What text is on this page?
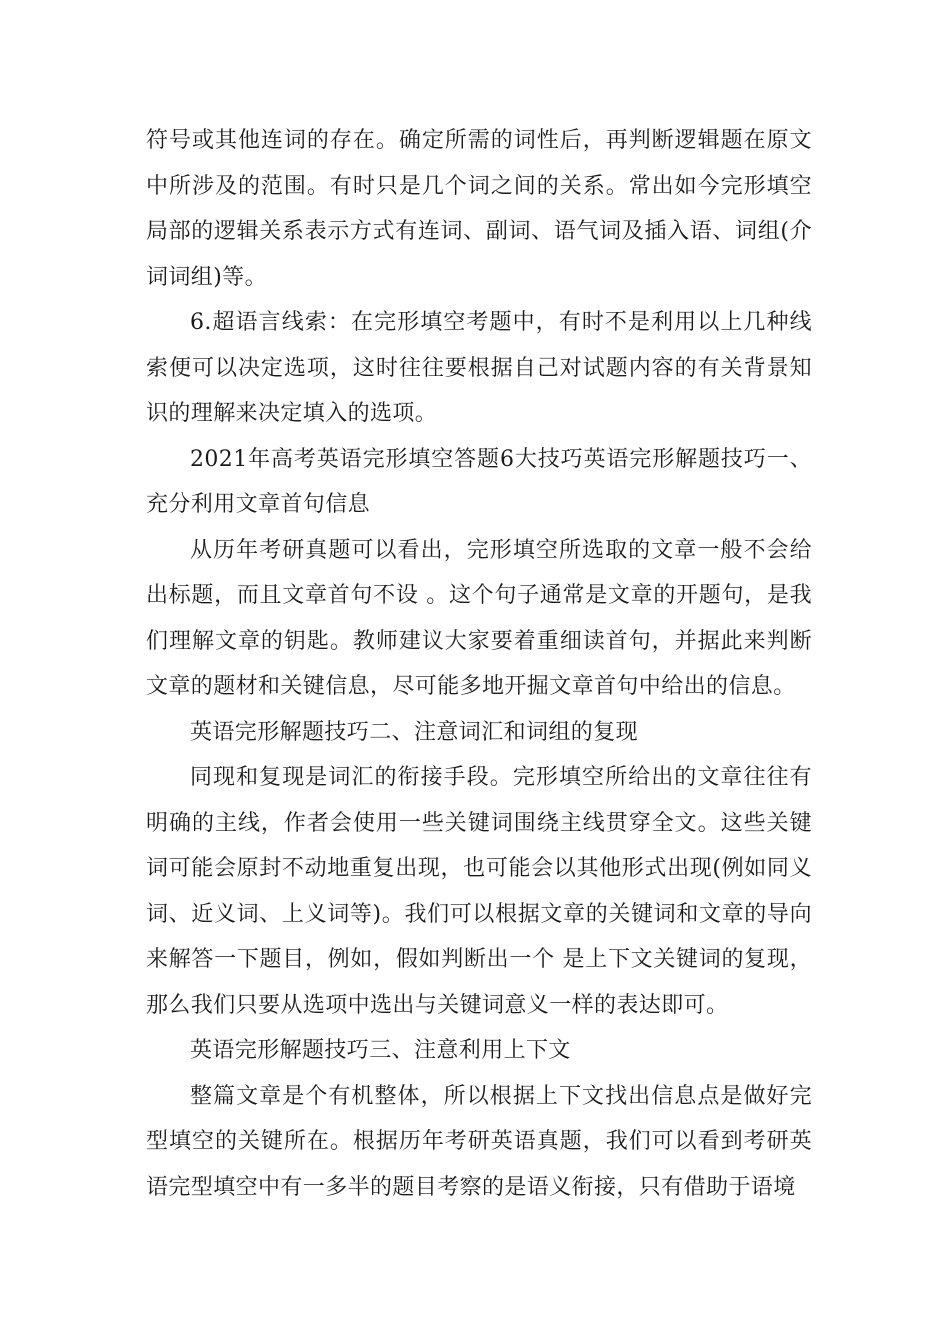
符号或其他连词的存在。确定所需的词性后，再判断逻辑题在原文中所涉及的范围。有时只是几个词之间的关系。常出如今完形填空局部的逻辑关系表示方式有连词、副词、语气词及插入语、词组(介词词组)等。

6.超语言线索：在完形填空考题中，有时不是利用以上几种线索便可以决定选项，这时往往要根据自己对试题内容的有关背景知识的理解来决定填入的选项。

2021年高考英语完形填空答题6大技巧英语完形解题技巧一、充分利用文章首句信息

从历年考研真题可以看出，完形填空所选取的文章一般不会给出标题，而且文章首句不设 。这个句子通常是文章的开题句，是我们理解文章的钥匙。教师建议大家要着重细读首句，并据此来判断文章的题材和关键信息，尽可能多地开掘文章首句中给出的信息。

英语完形解题技巧二、注意词汇和词组的复现

同现和复现是词汇的衔接手段。完形填空所给出的文章往往有明确的主线，作者会使用一些关键词围绕主线贯穿全文。这些关键词可能会原封不动地重复出现，也可能会以其他形式出现(例如同义词、近义词、上义词等)。我们可以根据文章的关键词和文章的导向来解答一下题目，例如，假如判断出一个 是上下文关键词的复现，那么我们只要从选项中选出与关键词意义一样的表达即可。

英语完形解题技巧三、注意利用上下文

整篇文章是个有机整体，所以根据上下文找出信息点是做好完型填空的关键所在。根据历年考研英语真题，我们可以看到考研英语完型填空中有一多半的题目考察的是语义衔接，只有借助于语境
